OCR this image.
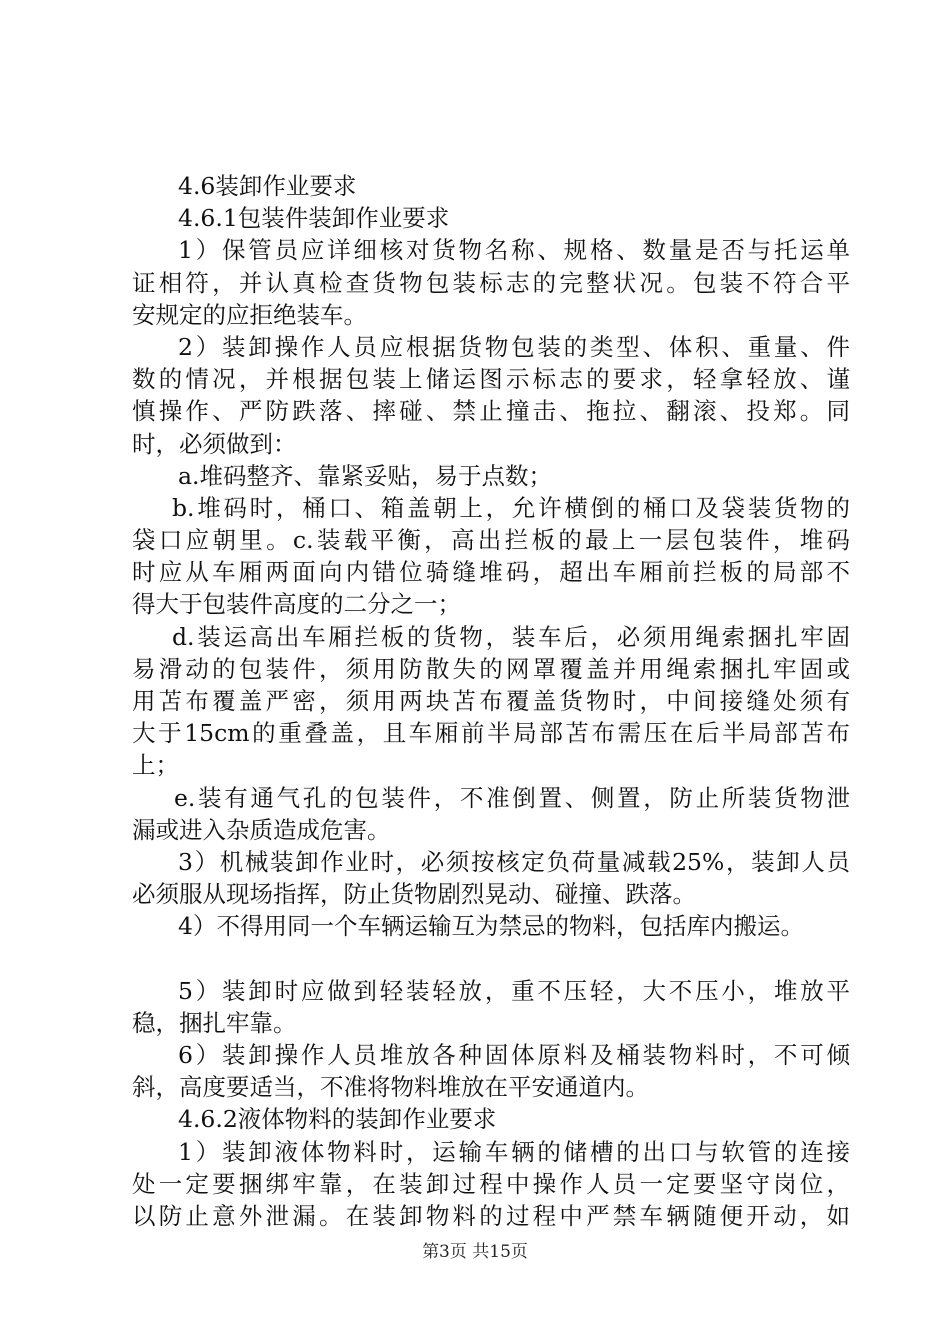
4.6装卸作业要求
4.6.1包装件装卸作业要求
1）保管员应详细核对货物名称、规格、数量是否与托运单
证相符，并认真检查货物包装标志的完整状况。包装不符合平
安规定的应拒绝装车。
2）装卸操作人员应根据货物包装的类型、体积、重量、件
数的情况，并根据包装上储运图示标志的要求，轻拿轻放、谨
慎操作、严防跌落、摔碰、禁止撞击、拖拉、翻滚、投郑。同
时，必须做到：
a.堆码整齐、靠紧妥贴，易于点数；
b.堆码时，桶口、箱盖朝上，允许横倒的桶口及袋装货物的
袋口应朝里。c.装载平衡，高出拦板的最上一层包装件，堆码
时应从车厢两面向内错位骑缝堆码，超出车厢前拦板的局部不
得大于包装件高度的二分之一；
d.装运高出车厢拦板的货物，装车后，必须用绳索捆扎牢固
易滑动的包装件，须用防散失的网罩覆盖并用绳索捆扎牢固或
用苫布覆盖严密，须用两块苫布覆盖货物时，中间接缝处须有
大于15cm的重叠盖，且车厢前半局部苫布需压在后半局部苫布
上；
e.装有通气孔的包装件，不准倒置、侧置，防止所装货物泄
漏或进入杂质造成危害。
3）机械装卸作业时，必须按核定负荷量减载25%，装卸人员
必须服从现场指挥，防止货物剧烈晃动、碰撞、跌落。
4）不得用同一个车辆运输互为禁忌的物料，包括库内搬运。
5）装卸时应做到轻装轻放，重不压轻，大不压小，堆放平
稳，捆扎牢靠。
6）装卸操作人员堆放各种固体原料及桶装物料时，不可倾
斜，高度要适当，不准将物料堆放在平安通道内。
4.6.2液体物料的装卸作业要求
1）装卸液体物料时，运输车辆的储槽的出口与软管的连接
处一定要捆绑牢靠，在装卸过程中操作人员一定要坚守岗位，
以防止意外泄漏。在装卸物料的过程中严禁车辆随便开动，如
第3页 共15页
